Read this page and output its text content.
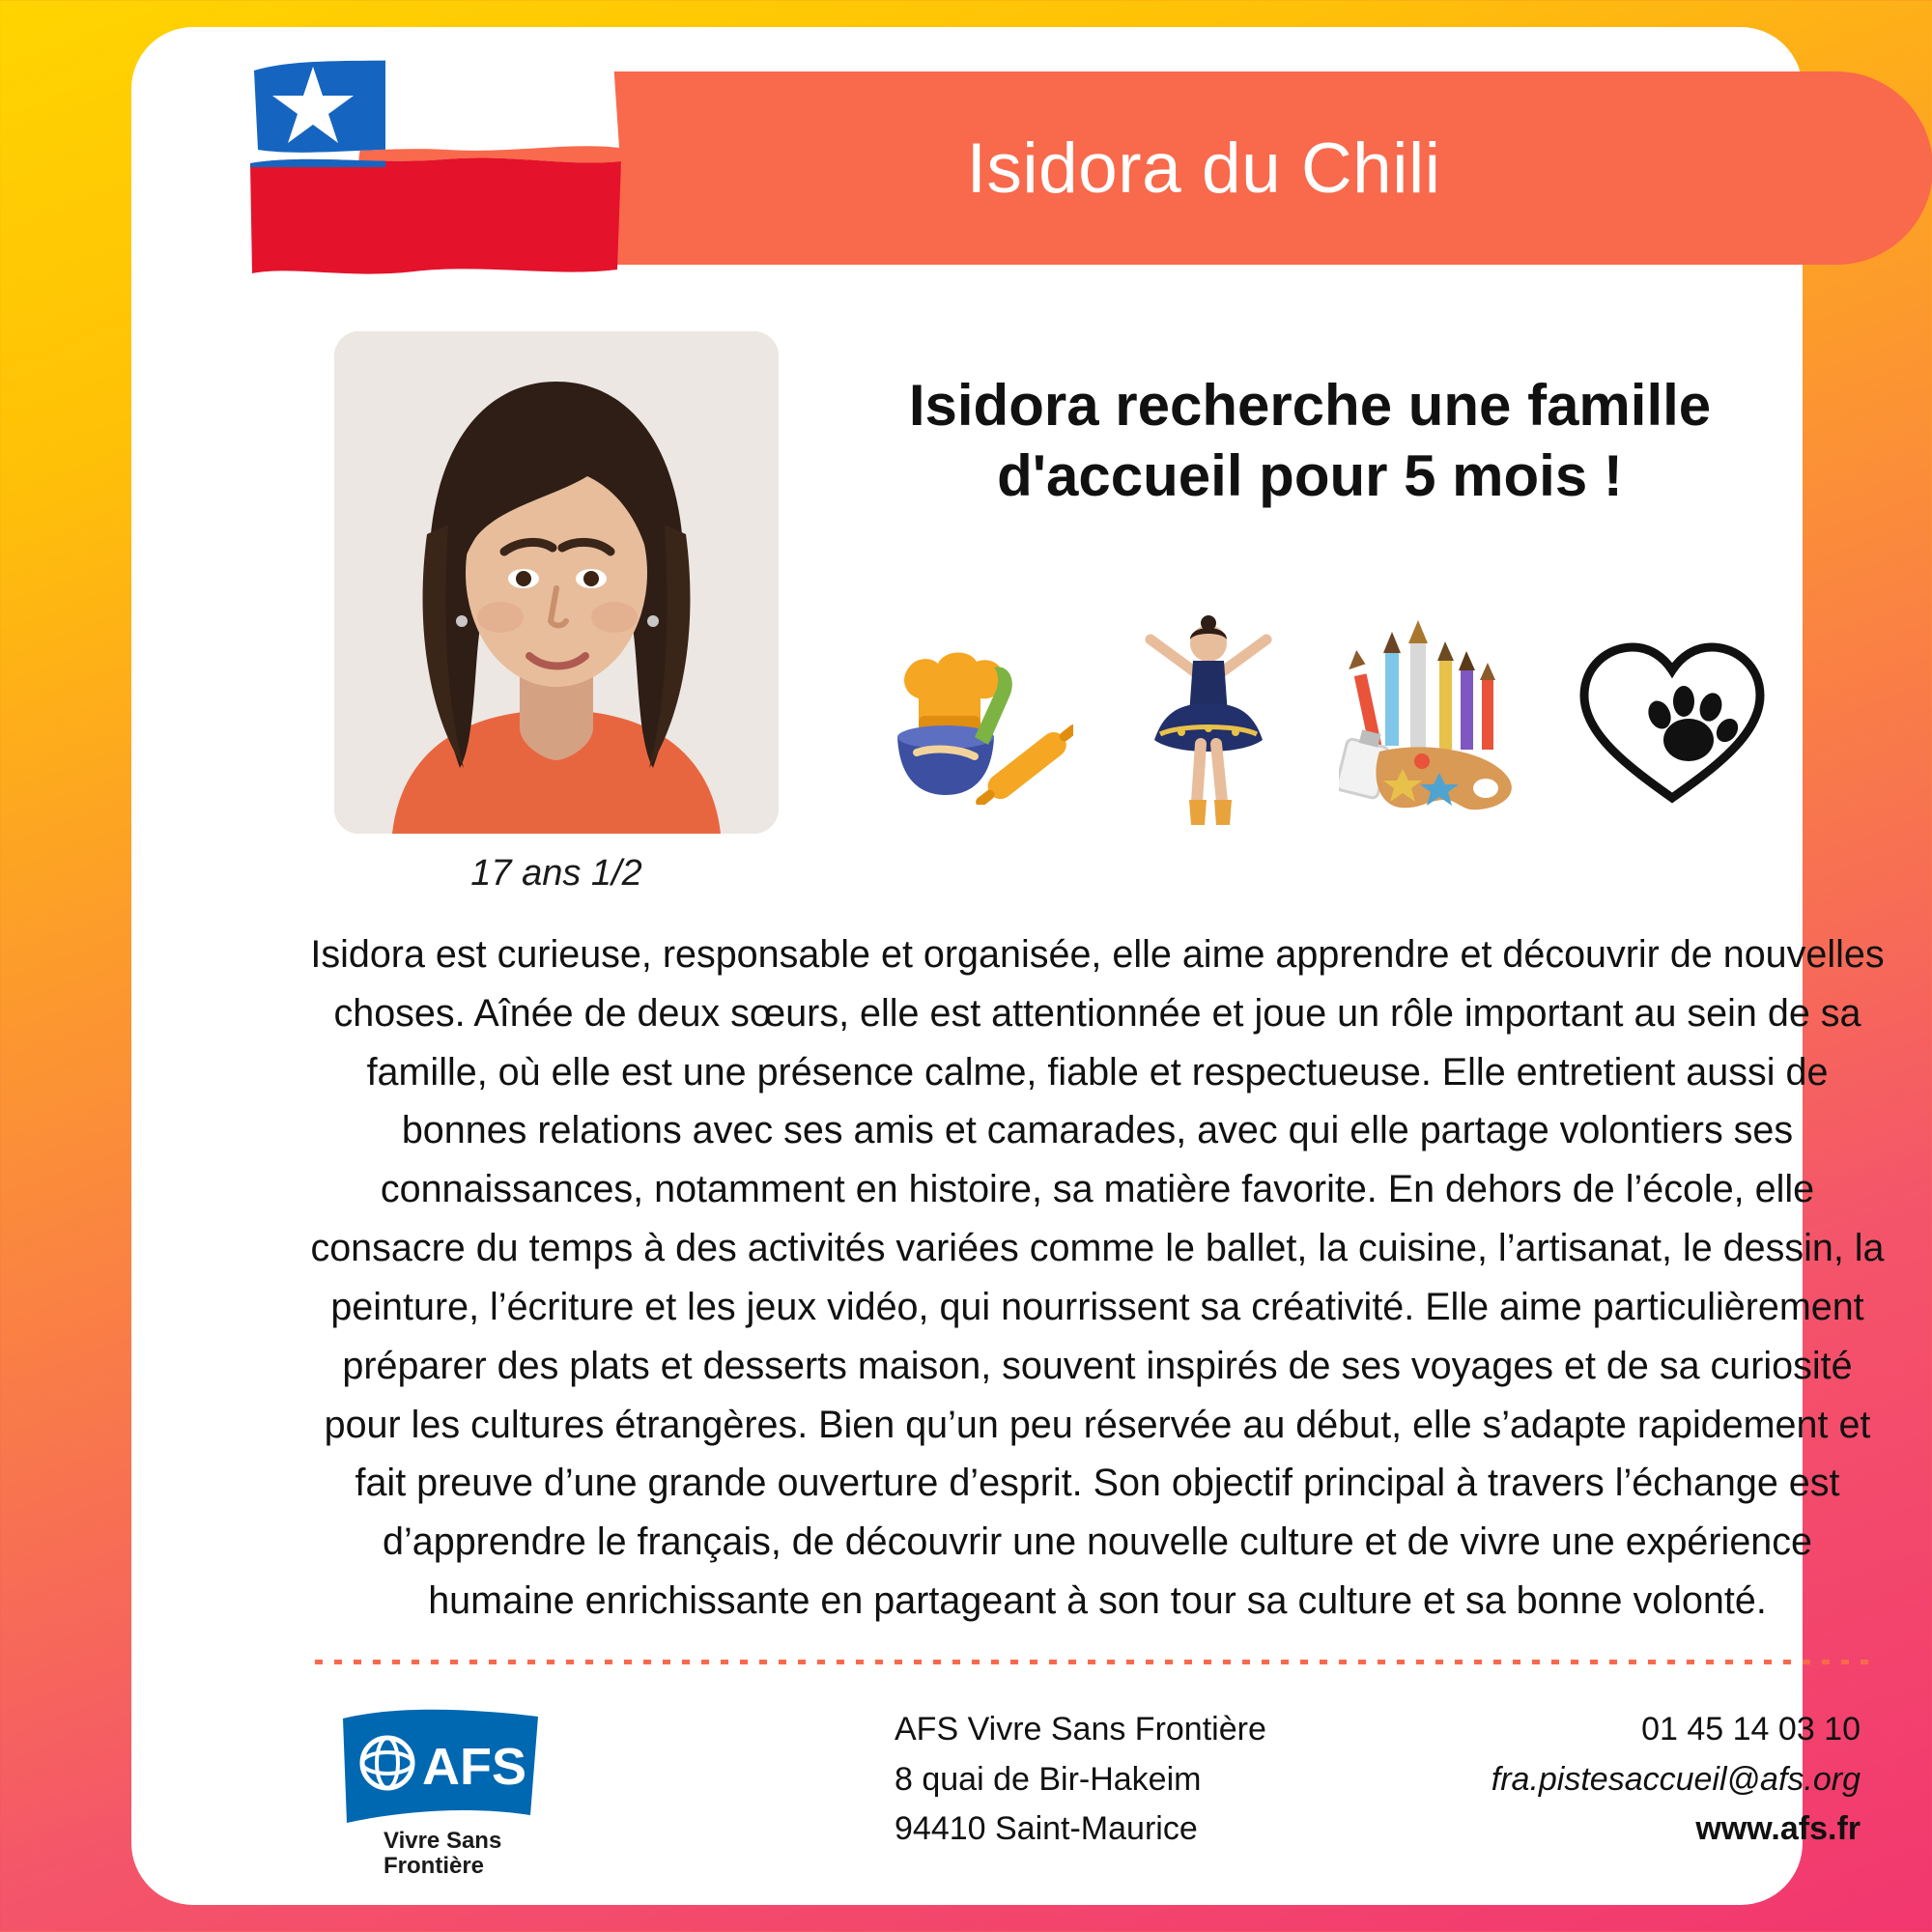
Isidora du Chili
17 ans 1/2
Isidora recherche une famille d'accueil pour 5 mois !
Isidora est curieuse, responsable et organisée, elle aime apprendre et découvrir de nouvelles choses. Aînée de deux sœurs, elle est attentionnée et joue un rôle important au sein de sa famille, où elle est une présence calme, fiable et respectueuse. Elle entretient aussi de bonnes relations avec ses amis et camarades, avec qui elle partage volontiers ses connaissances, notamment en histoire, sa matière favorite. En dehors de l’école, elle consacre du temps à des activités variées comme le ballet, la cuisine, l’artisanat, le dessin, la peinture, l’écriture et les jeux vidéo, qui nourrissent sa créativité. Elle aime particulièrement préparer des plats et desserts maison, souvent inspirés de ses voyages et de sa curiosité pour les cultures étrangères. Bien qu’un peu réservée au début, elle s’adapte rapidement et fait preuve d’une grande ouverture d’esprit. Son objectif principal à travers l’échange est d’apprendre le français, de découvrir une nouvelle culture et de vivre une expérience humaine enrichissante en partageant à son tour sa culture et sa bonne volonté.
AFS
Vivre Sans
Frontière
AFS Vivre Sans Frontière
8 quai de Bir-Hakeim
94410 Saint-Maurice
01 45 14 03 10
fra.pistesaccueil@afs.org
www.afs.fr
